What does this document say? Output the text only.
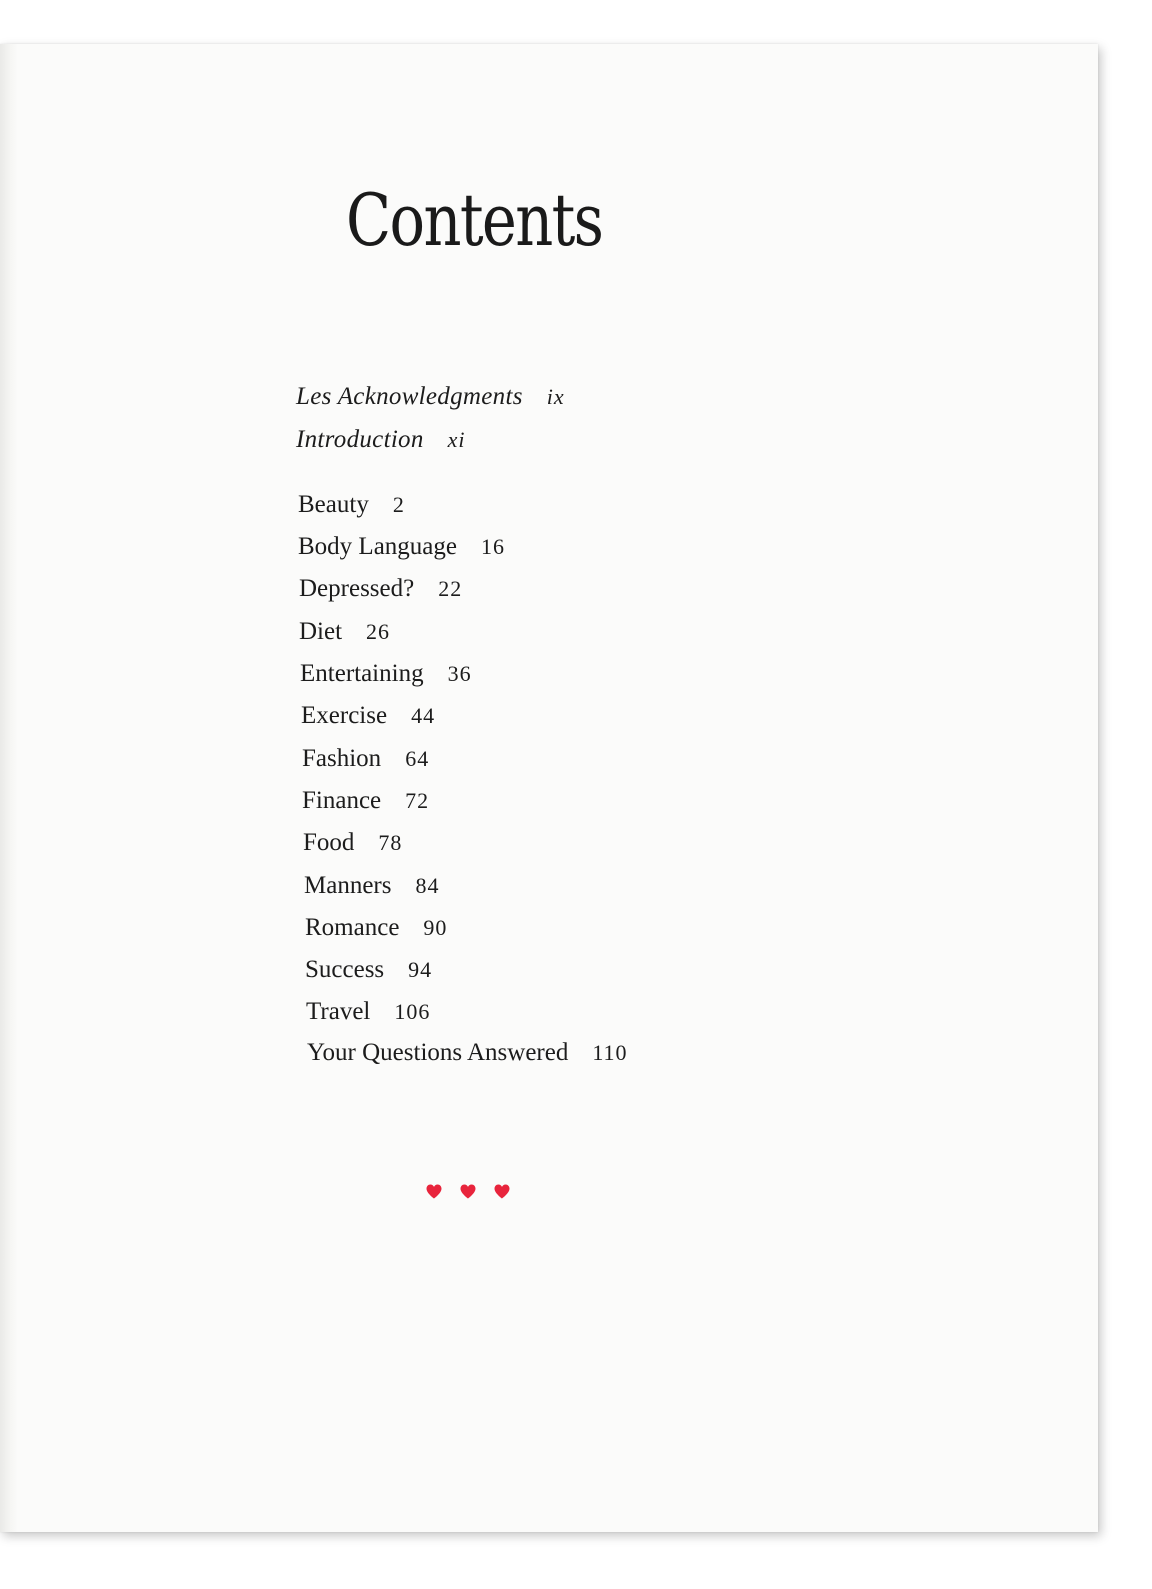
Contents
Les Acknowledgments ix
Introduction xi
Beauty 2
Body Language 16
Depressed? 22
Diet 26
Entertaining 36
Exercise 44
Fashion 64
Finance 72
Food 78
Manners 84
Romance 90
Success 94
Travel 106
Your Questions Answered 110
